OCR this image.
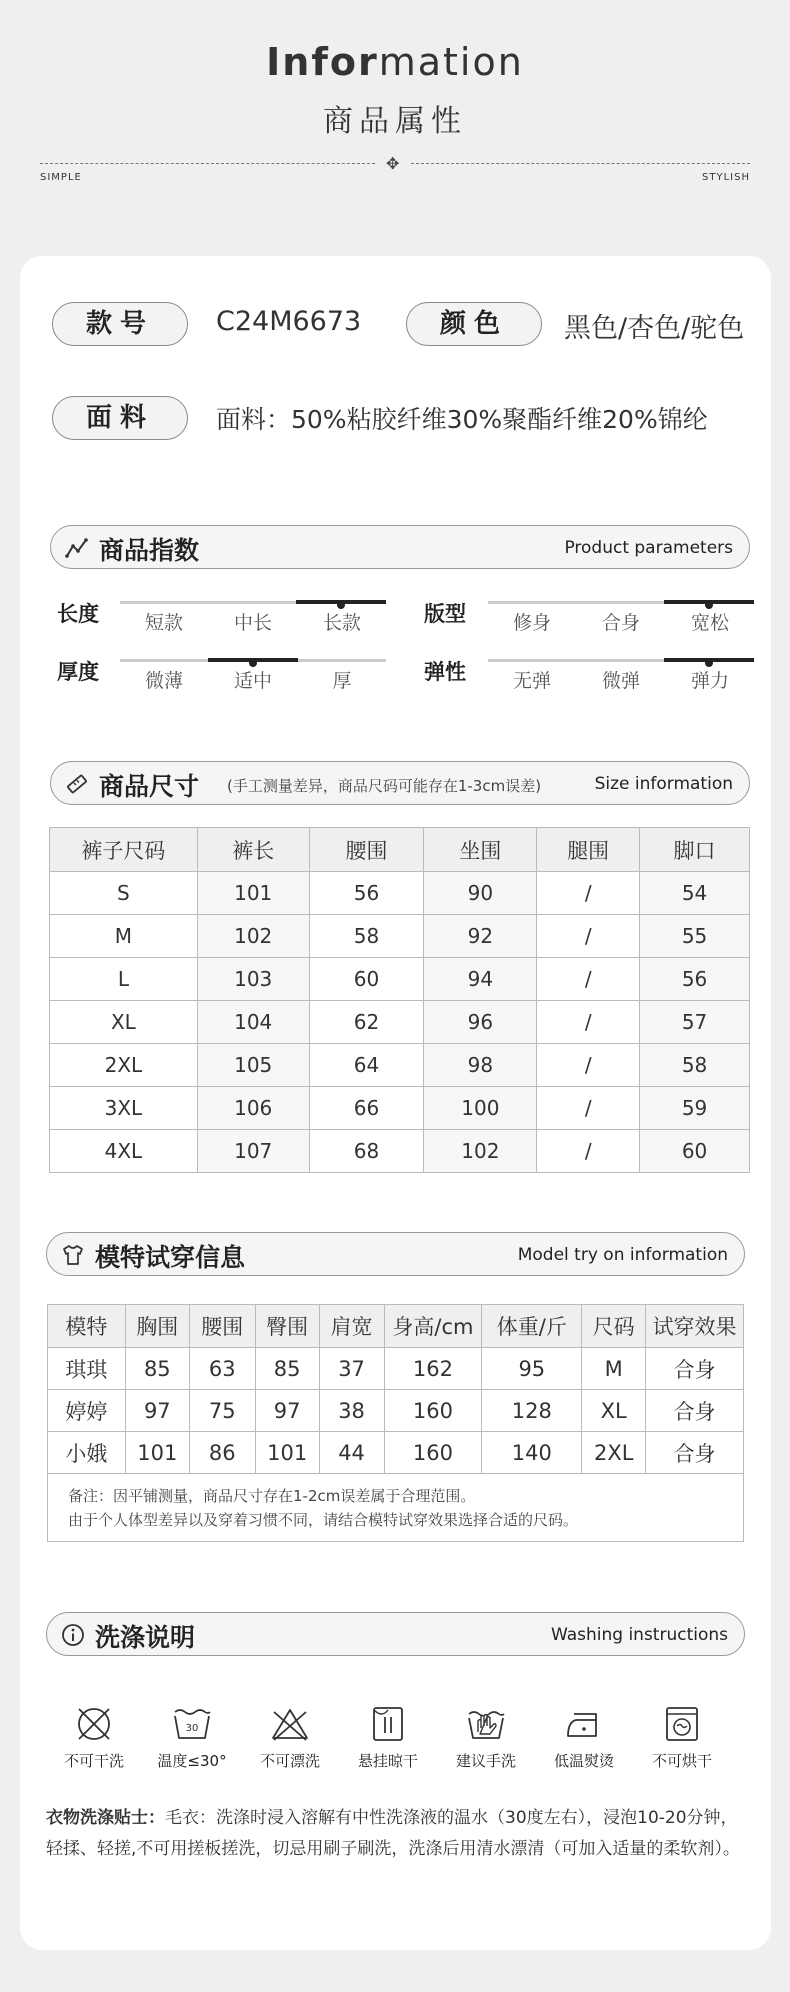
Information
商品属性
✥
SIMPLE	STYLISH
款号	C24M6673	颜色	黑色/杏色/驼色
面料	面料：50%粘胶纤维30%聚酯纤维20%锦纶
商品指数	Product parameters
长度	短款	中长	长款	版型	修身	合身	宽松
厚度	微薄	适中	厚	弹性	无弹	微弹	弹力
商品尺寸 (手工测量差异，商品尺码可能存在1-3cm误差)	Size information
裤子尺码	裤长	腰围	坐围	腿围	脚口
S	101	56	90	/	54
M	102	58	92	/	55
L	103	60	94	/	56
XL	104	62	96	/	57
2XL	105	64	98	/	58
3XL	106	66	100	/	59
4XL	107	68	102	/	60
模特试穿信息	Model try on information
模特	胸围	腰围	臀围	肩宽	身高/cm	体重/斤	尺码	试穿效果
琪琪	85	63	85	37	162	95	M	合身
婷婷	97	75	97	38	160	128	XL	合身
小娥	101	86	101	44	160	140	2XL	合身
备注：因平铺测量，商品尺寸存在1-2cm误差属于合理范围。
由于个人体型差异以及穿着习惯不同，请结合模特试穿效果选择合适的尺码。
洗涤说明	Washing instructions
不可干洗
30
温度≤30°	不可漂洗	悬挂晾干	建议手洗	低温熨烫	不可烘干
衣物洗涤贴士：毛衣：洗涤时浸入溶解有中性洗涤液的温水（30度左右），浸泡10-20分钟，轻揉、轻搓,不可用搓板搓洗，切忌用刷子刷洗，洗涤后用清水漂清（可加入适量的柔软剂）。
